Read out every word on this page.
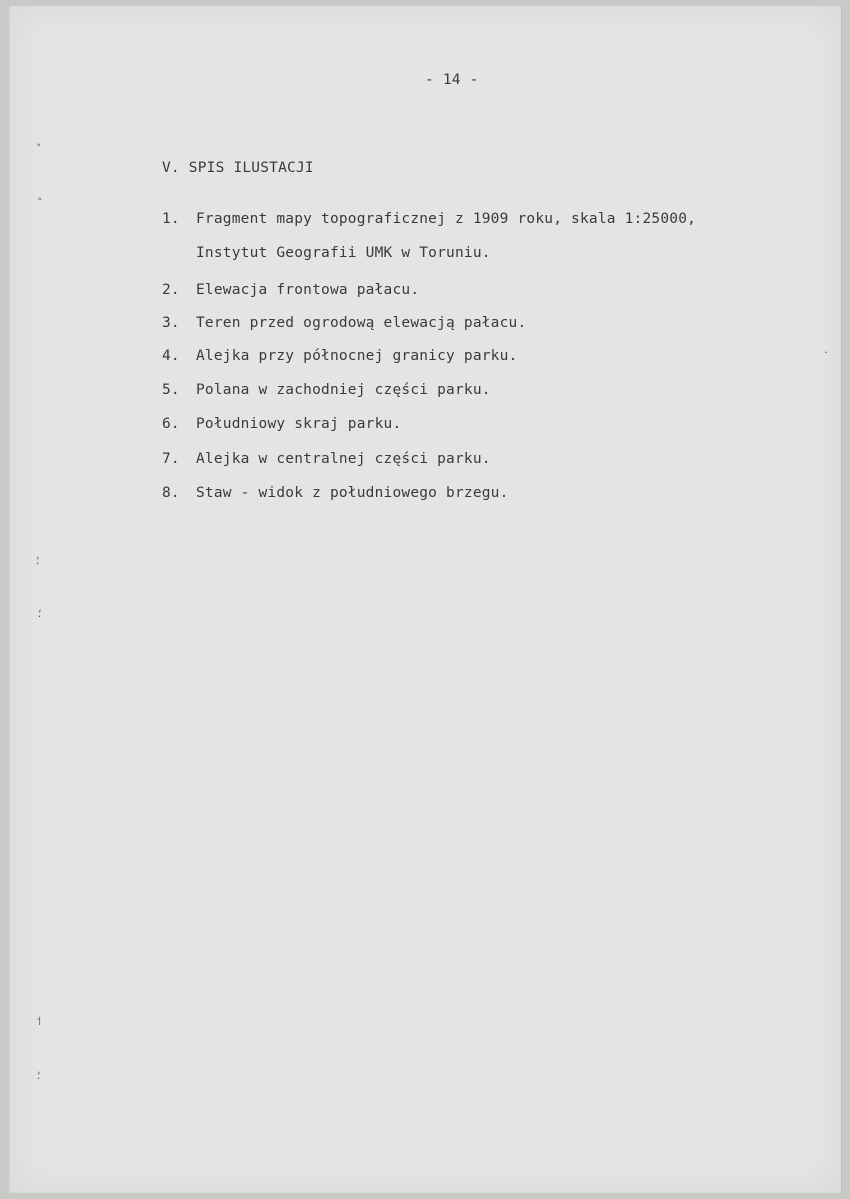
- 14 -
V. SPIS ILUSTACJI
1. Fragment mapy topograficznej z 1909 roku, skala 1:25000,
Instytut Geografii UMK w Toruniu.
2. Elewacja frontowa pałacu.
3. Teren przed ogrodową elewacją pałacu.
4. Alejka przy północnej granicy parku.
5. Polana w zachodniej części parku.
6. Południowy skraj parku.
7. Alejka w centralnej części parku.
8. Staw - widok z południowego brzegu.
˅
˄
⸵
⸵
⸶
⸵
·
